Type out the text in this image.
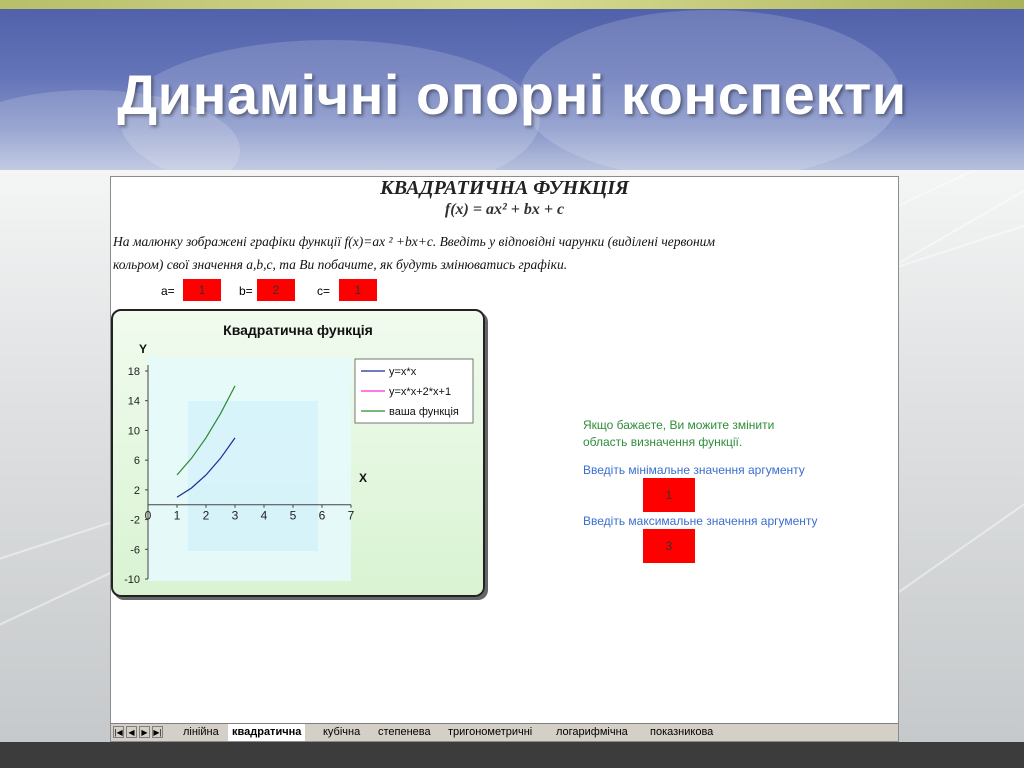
Динамічні опорні конспекти
КВАДРАТИЧНА ФУНКЦІЯ
f(x) = ax² + bx + c
На малюнку зображені графіки функції f(x)=ax ² +bx+c. Введіть у відповідні чарунки (виділені червоним
кольром) свої значення a,b,c, та Ви побачите, як будуть змінюватись графіки.
a=	1	b=	2	c=	1
Квадратична функція
Y
X
18
14
10
6
2
-2
-6
-10
0 1 2 3 4 5 6 7
y=x*x
y=x*x+2*x+1
ваша функція
Якщо бажаєте, Ви можите змінити
область визначення функції.
Введіть мінімальне значення аргументу
1
Введіть максимальне значення аргументу
3
|◀ ◀ ▶ ▶|	лінійна	квадратична	кубічна	степенева	тригонометричні	логарифмічна	показникова
